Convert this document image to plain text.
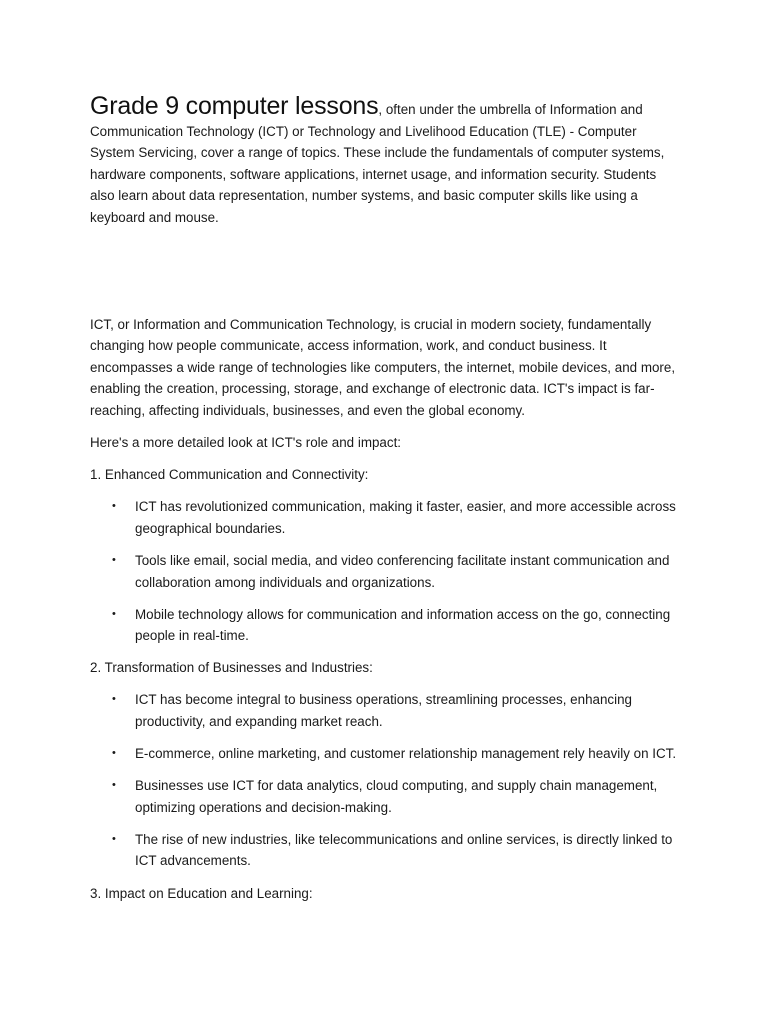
Grade 9 computer lessons, often under the umbrella of Information and Communication Technology (ICT) or Technology and Livelihood Education (TLE) - Computer System Servicing, cover a range of topics. These include the fundamentals of computer systems, hardware components, software applications, internet usage, and information security. Students also learn about data representation, number systems, and basic computer skills like using a keyboard and mouse.

ICT, or Information and Communication Technology, is crucial in modern society, fundamentally changing how people communicate, access information, work, and conduct business. It encompasses a wide range of technologies like computers, the internet, mobile devices, and more, enabling the creation, processing, storage, and exchange of electronic data. ICT's impact is far-reaching, affecting individuals, businesses, and even the global economy.

Here's a more detailed look at ICT's role and impact:

1. Enhanced Communication and Connectivity:

• ICT has revolutionized communication, making it faster, easier, and more accessible across geographical boundaries.
• Tools like email, social media, and video conferencing facilitate instant communication and collaboration among individuals and organizations.
• Mobile technology allows for communication and information access on the go, connecting people in real-time.

2. Transformation of Businesses and Industries:

• ICT has become integral to business operations, streamlining processes, enhancing productivity, and expanding market reach.
• E-commerce, online marketing, and customer relationship management rely heavily on ICT.
• Businesses use ICT for data analytics, cloud computing, and supply chain management, optimizing operations and decision-making.
• The rise of new industries, like telecommunications and online services, is directly linked to ICT advancements.

3. Impact on Education and Learning:
